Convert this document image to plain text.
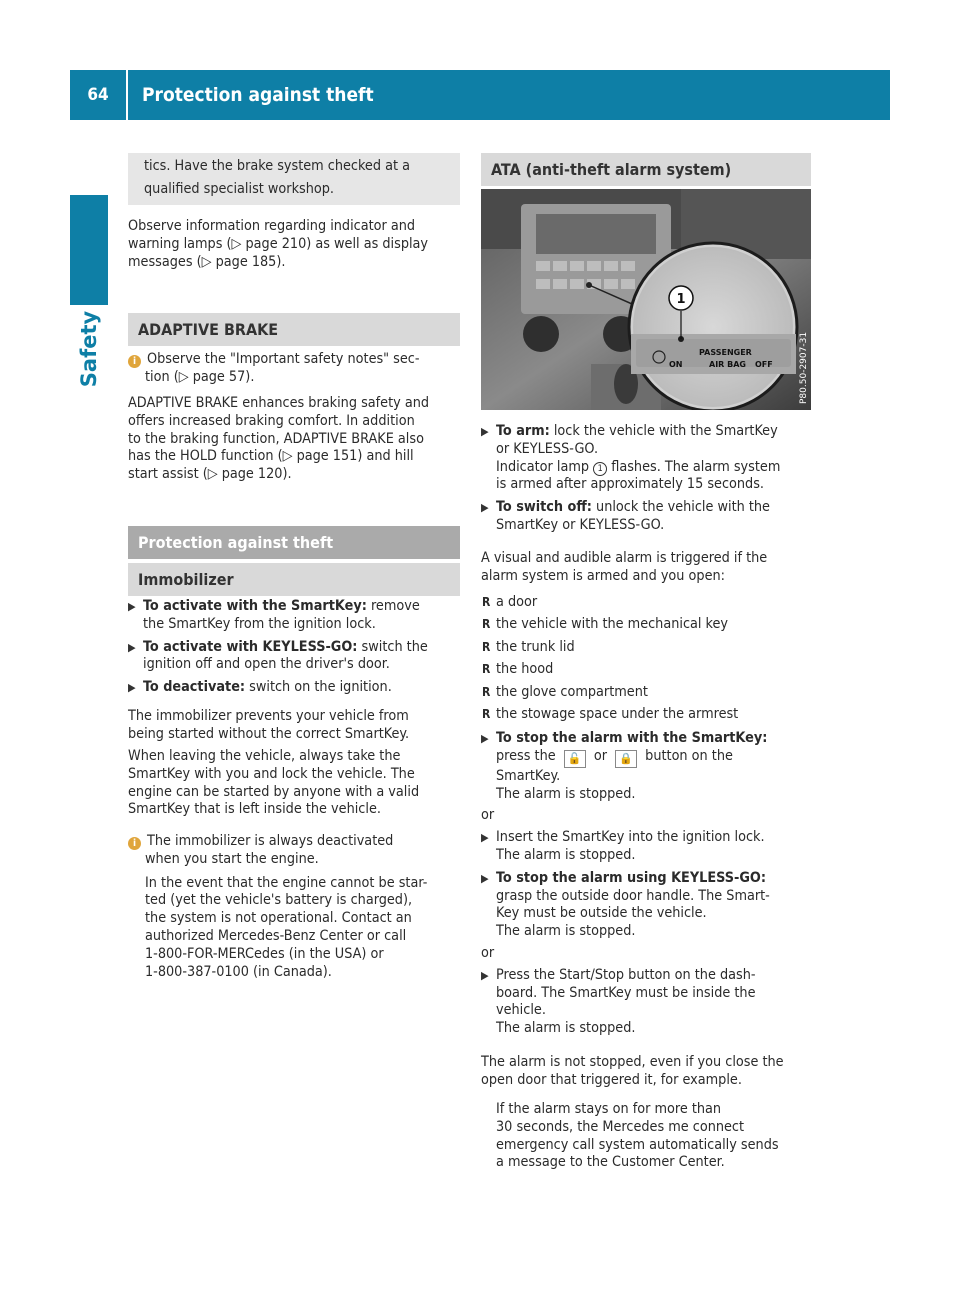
64	Protection against theft
Safety

tics. Have the brake system checked at a

qualified specialist workshop.

Observe information regarding indicator and

warning lamps (▷ page 210) as well as display

messages (▷ page 185).

ADAPTIVE BRAKE

i Observe the "Important safety notes" sec-

tion (▷ page 57).

ADAPTIVE BRAKE enhances braking safety and

offers increased braking comfort. In addition

to the braking function, ADAPTIVE BRAKE also

has the HOLD function (▷ page 151) and hill

start assist (▷ page 120).

Protection against theft
Immobilizer

▶ To activate with the SmartKey: remove

the SmartKey from the ignition lock.

▶ To activate with KEYLESS-GO: switch the

ignition off and open the driver's door.

▶ To deactivate: switch on the ignition.

The immobilizer prevents your vehicle from

being started without the correct SmartKey.

When leaving the vehicle, always take the

SmartKey with you and lock the vehicle. The

engine can be started by anyone with a valid

SmartKey that is left inside the vehicle.

i The immobilizer is always deactivated

when you start the engine.

In the event that the engine cannot be star-

ted (yet the vehicle's battery is charged),

the system is not operational. Contact an

authorized Mercedes-Benz Center or call

1-800-FOR-MERCedes (in the USA) or

1-800-387-0100 (in Canada).

ATA (anti-theft alarm system)
1
ON
PASSENGER
AIR BAG OFF	P80.50-2907-31

▶ To arm: lock the vehicle with the SmartKey

or KEYLESS-GO.

Indicator lamp 1 flashes. The alarm system

is armed after approximately 15 seconds.

▶ To switch off: unlock the vehicle with the

SmartKey or KEYLESS-GO.

A visual and audible alarm is triggered if the

alarm system is armed and you open:

R a door

R the vehicle with the mechanical key

R the trunk lid

R the hood

R the glove compartment

R the stowage space under the armrest

▶ To stop the alarm with the SmartKey:

press the 🔓 or 🔒 button on the

SmartKey.

The alarm is stopped.

or

▶ Insert the SmartKey into the ignition lock.

The alarm is stopped.

▶ To stop the alarm using KEYLESS-GO:

grasp the outside door handle. The Smart-

Key must be outside the vehicle.

The alarm is stopped.

or

▶ Press the Start/Stop button on the dash-

board. The SmartKey must be inside the

vehicle.

The alarm is stopped.

The alarm is not stopped, even if you close the

open door that triggered it, for example.

If the alarm stays on for more than

30 seconds, the Mercedes me connect

emergency call system automatically sends

a message to the Customer Center.
